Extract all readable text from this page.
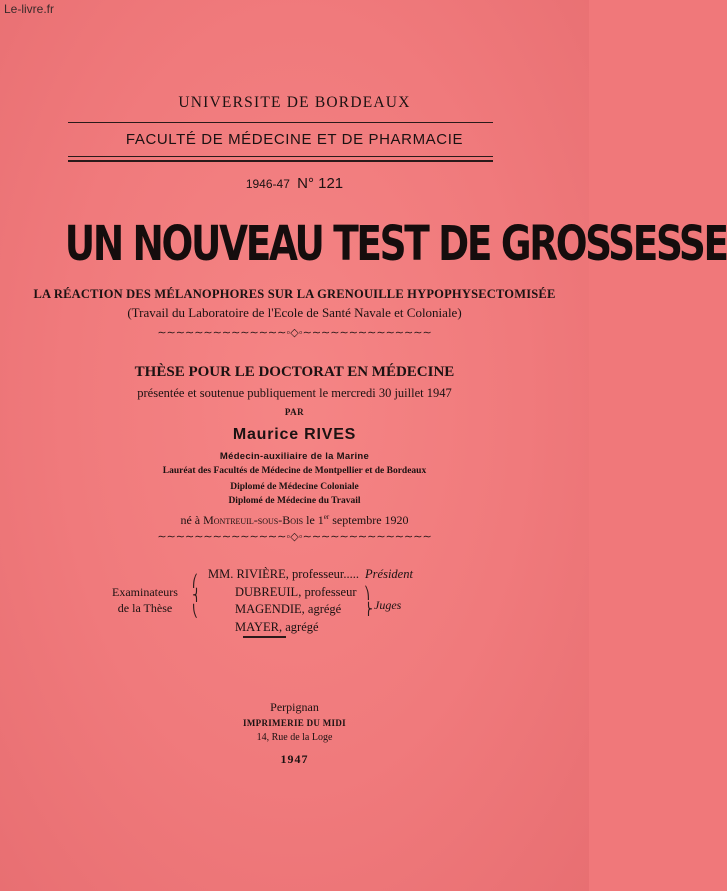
Le-livre.fr
UNIVERSITE DE BORDEAUX
FACULTÉ DE MÉDECINE ET DE PHARMACIE
1946-47 N° 121
UN NOUVEAU TEST DE GROSSESSE
LA RÉACTION DES MÉLANOPHORES SUR LA GRENOUILLE HYPOPHYSECTOMISÉE
(Travail du Laboratoire de l'Ecole de Santé Navale et Coloniale)
∼∼∼∼∼∼∼∼∼∼∼∼∼∼◦◇◦∼∼∼∼∼∼∼∼∼∼∼∼∼∼
THÈSE POUR LE DOCTORAT EN MÉDECINE
présentée et soutenue publiquement le mercredi 30 juillet 1947
PAR
Maurice RIVES
Médecin-auxiliaire de la Marine
Lauréat des Facultés de Médecine de Montpellier et de Bordeaux
Diplomé de Médecine Coloniale
Diplomé de Médecine du Travail
né à Montreuil-sous-Bois le 1er septembre 1920
∼∼∼∼∼∼∼∼∼∼∼∼∼∼◦◇◦∼∼∼∼∼∼∼∼∼∼∼∼∼∼
Examinateurs
de la Thèse
⎛
⎨
⎝
MM. RIVIÈRE, professeur..... Président
DUBREUIL, professeur
MAGENDIE, agrégé
MAYER, agrégé
⎞
⎬ Juges
Perpignan
IMPRIMERIE DU MIDI
14, Rue de la Loge
1947
